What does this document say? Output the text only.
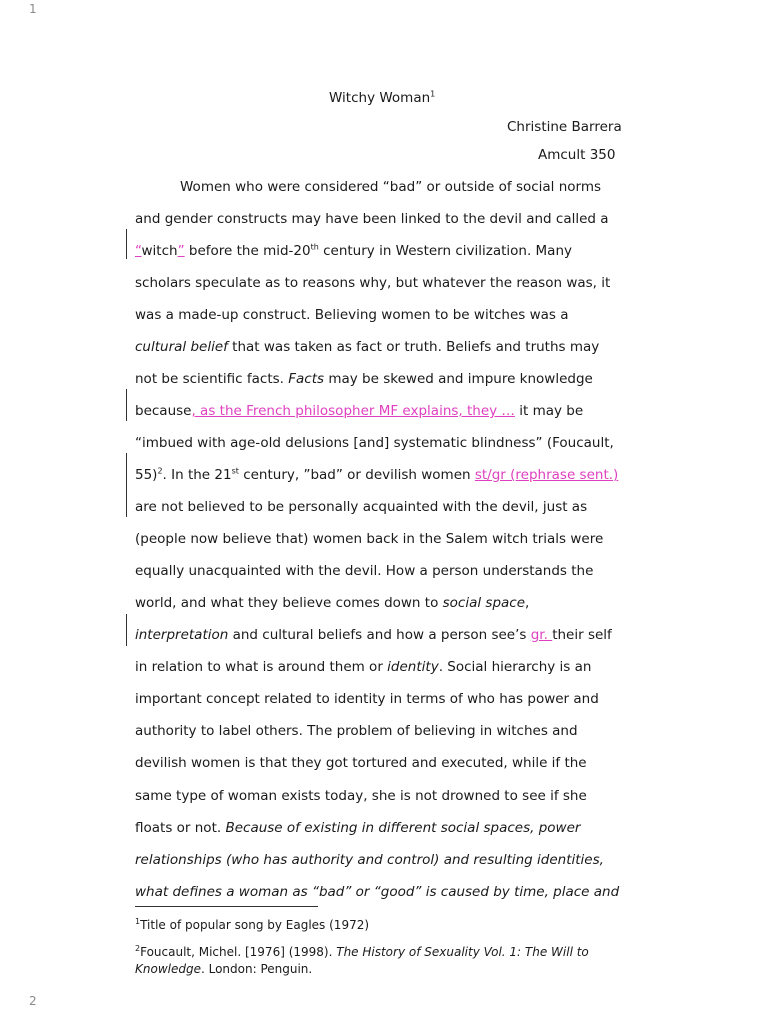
1
Witchy Woman$^1$
Christine Barrera
Amcult 350
Women who were considered “bad” or outside of social norms
and gender constructs may have been linked to the devil and called a
“witch” before the mid-20th century in Western civilization. Many
scholars speculate as to reasons why, but whatever the reason was, it
was a made-up construct. Believing women to be witches was a
cultural belief that was taken as fact or truth. Beliefs and truths may
not be scientific facts. Facts may be skewed and impure knowledge
because, as the French philosopher MF explains, they … it may be
“imbued with age-old delusions [and] systematic blindness” (Foucault,
55)$^2$. In the 21st century, ”bad” or devilish women st/gr (rephrase sent.)
are not believed to be personally acquainted with the devil, just as
(people now believe that) women back in the Salem witch trials were
equally unacquainted with the devil. How a person understands the
world, and what they believe comes down to social space,
interpretation and cultural beliefs and how a person see’s gr. their self
in relation to what is around them or identity. Social hierarchy is an
important concept related to identity in terms of who has power and
authority to label others. The problem of believing in witches and
devilish women is that they got tortured and executed, while if the
same type of woman exists today, she is not drowned to see if she
floats or not. Because of existing in different social spaces, power
relationships (who has authority and control) and resulting identities,
what defines a woman as “bad” or “good” is caused by time, place and
$^1$Title of popular song by Eagles (1972)
$^2$Foucault, Michel. [1976] (1998). The History of Sexuality Vol. 1: The Will to
Knowledge. London: Penguin.
2
